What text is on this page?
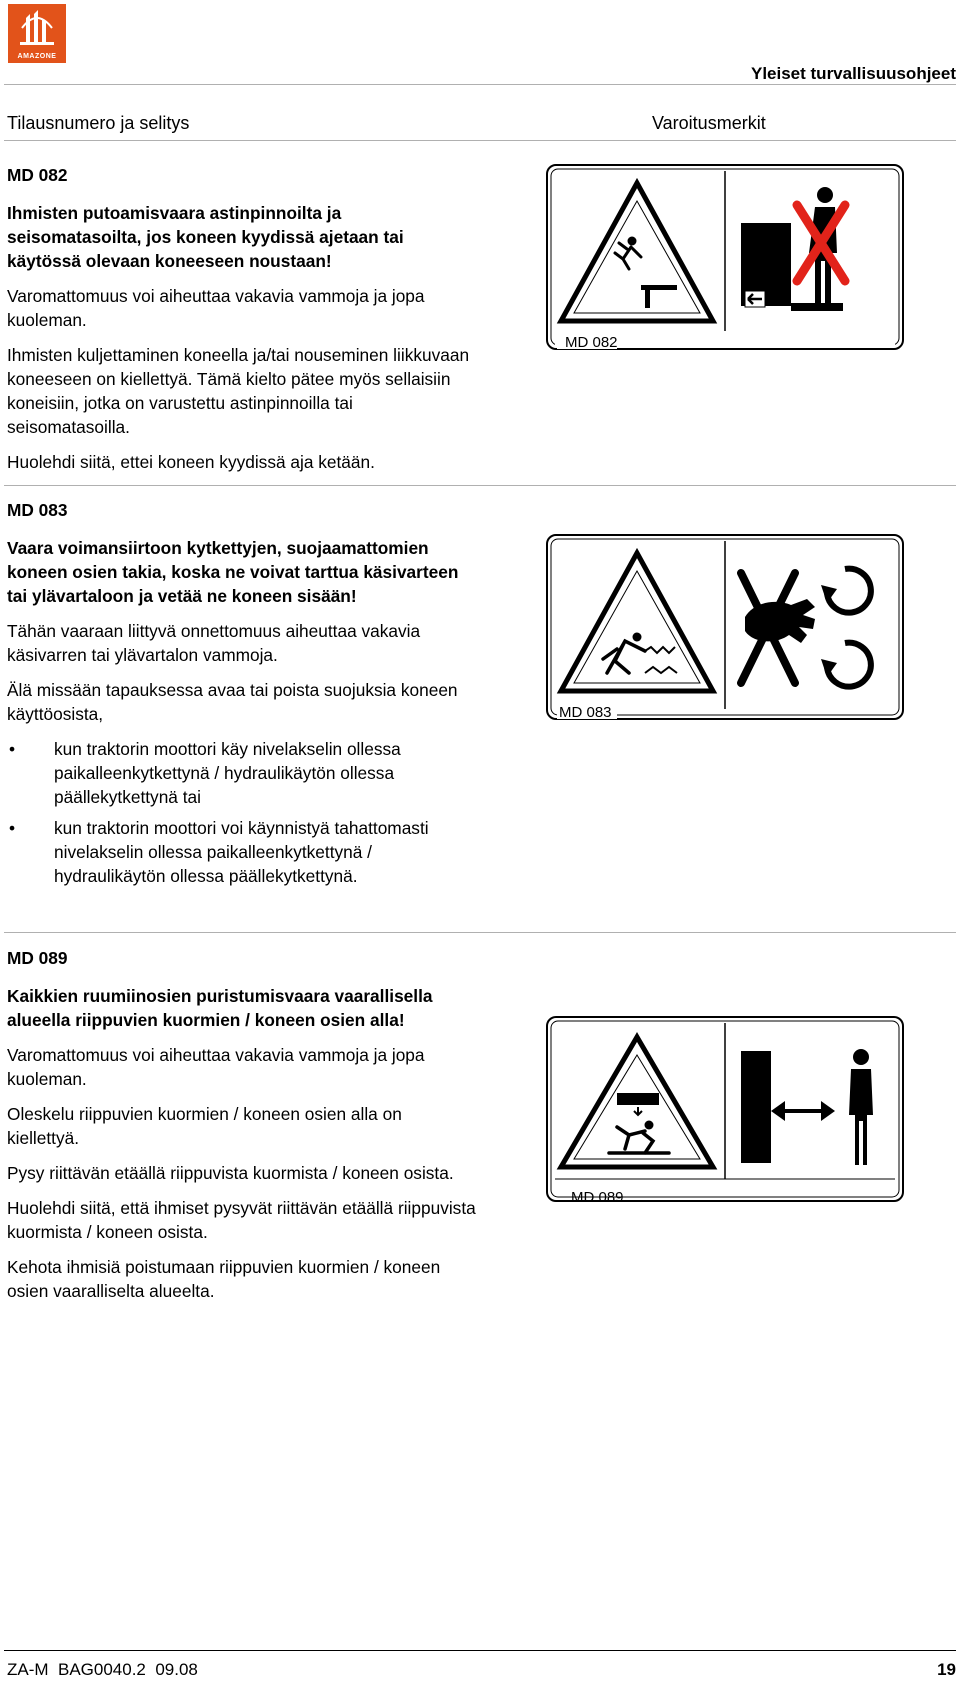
AMAZONE
Yleiset turvallisuusohjeet
Tilausnumero ja selitys	Varoitusmerkit

MD 082

Ihmisten putoamisvaara astinpinnoilta ja seisomatasoilta, jos koneen kyydissä ajetaan tai käytössä olevaan koneeseen noustaan!

Varomattomuus voi aiheuttaa vakavia vammoja ja jopa kuoleman.

Ihmisten kuljettaminen koneella ja/tai nouseminen liikkuvaan koneeseen on kiellettyä. Tämä kielto pätee myös sellaisiin koneisiin, jotka on varustettu astinpinnoilla tai seisomatasoilla.

Huolehdi siitä, ettei koneen kyydissä aja ketään.

MD 082

MD 083

Vaara voimansiirtoon kytkettyjen, suojaamattomien koneen osien takia, koska ne voivat tarttua käsivarteen tai ylävartaloon ja vetää ne koneen sisään!

Tähän vaaraan liittyvä onnettomuus aiheuttaa vakavia käsivarren tai ylävartalon vammoja.

Älä missään tapauksessa avaa tai poista suojuksia koneen käyttöosista,

• kun traktorin moottori käy nivelakselin ollessa paikalleenkytkettynä / hydraulikäytön ollessa päällekytkettynä tai
• kun traktorin moottori voi käynnistyä tahattomasti nivelakselin ollessa paikalleenkytkettynä / hydraulikäytön ollessa päällekytkettynä.
MD 083

MD 089

Kaikkien ruumiinosien puristumisvaara vaarallisella alueella riippuvien kuormien / koneen osien alla!

Varomattomuus voi aiheuttaa vakavia vammoja ja jopa kuoleman.

Oleskelu riippuvien kuormien / koneen osien alla on kiellettyä.

Pysy riittävän etäällä riippuvista kuormista / koneen osista.

Huolehdi siitä, että ihmiset pysyvät riittävän etäällä riippuvista kuormista / koneen osista.

Kehota ihmisiä poistumaan riippuvien kuormien / koneen osien vaaralliselta alueelta.

MD 089
ZA-M  BAG0040.2  09.08	19
